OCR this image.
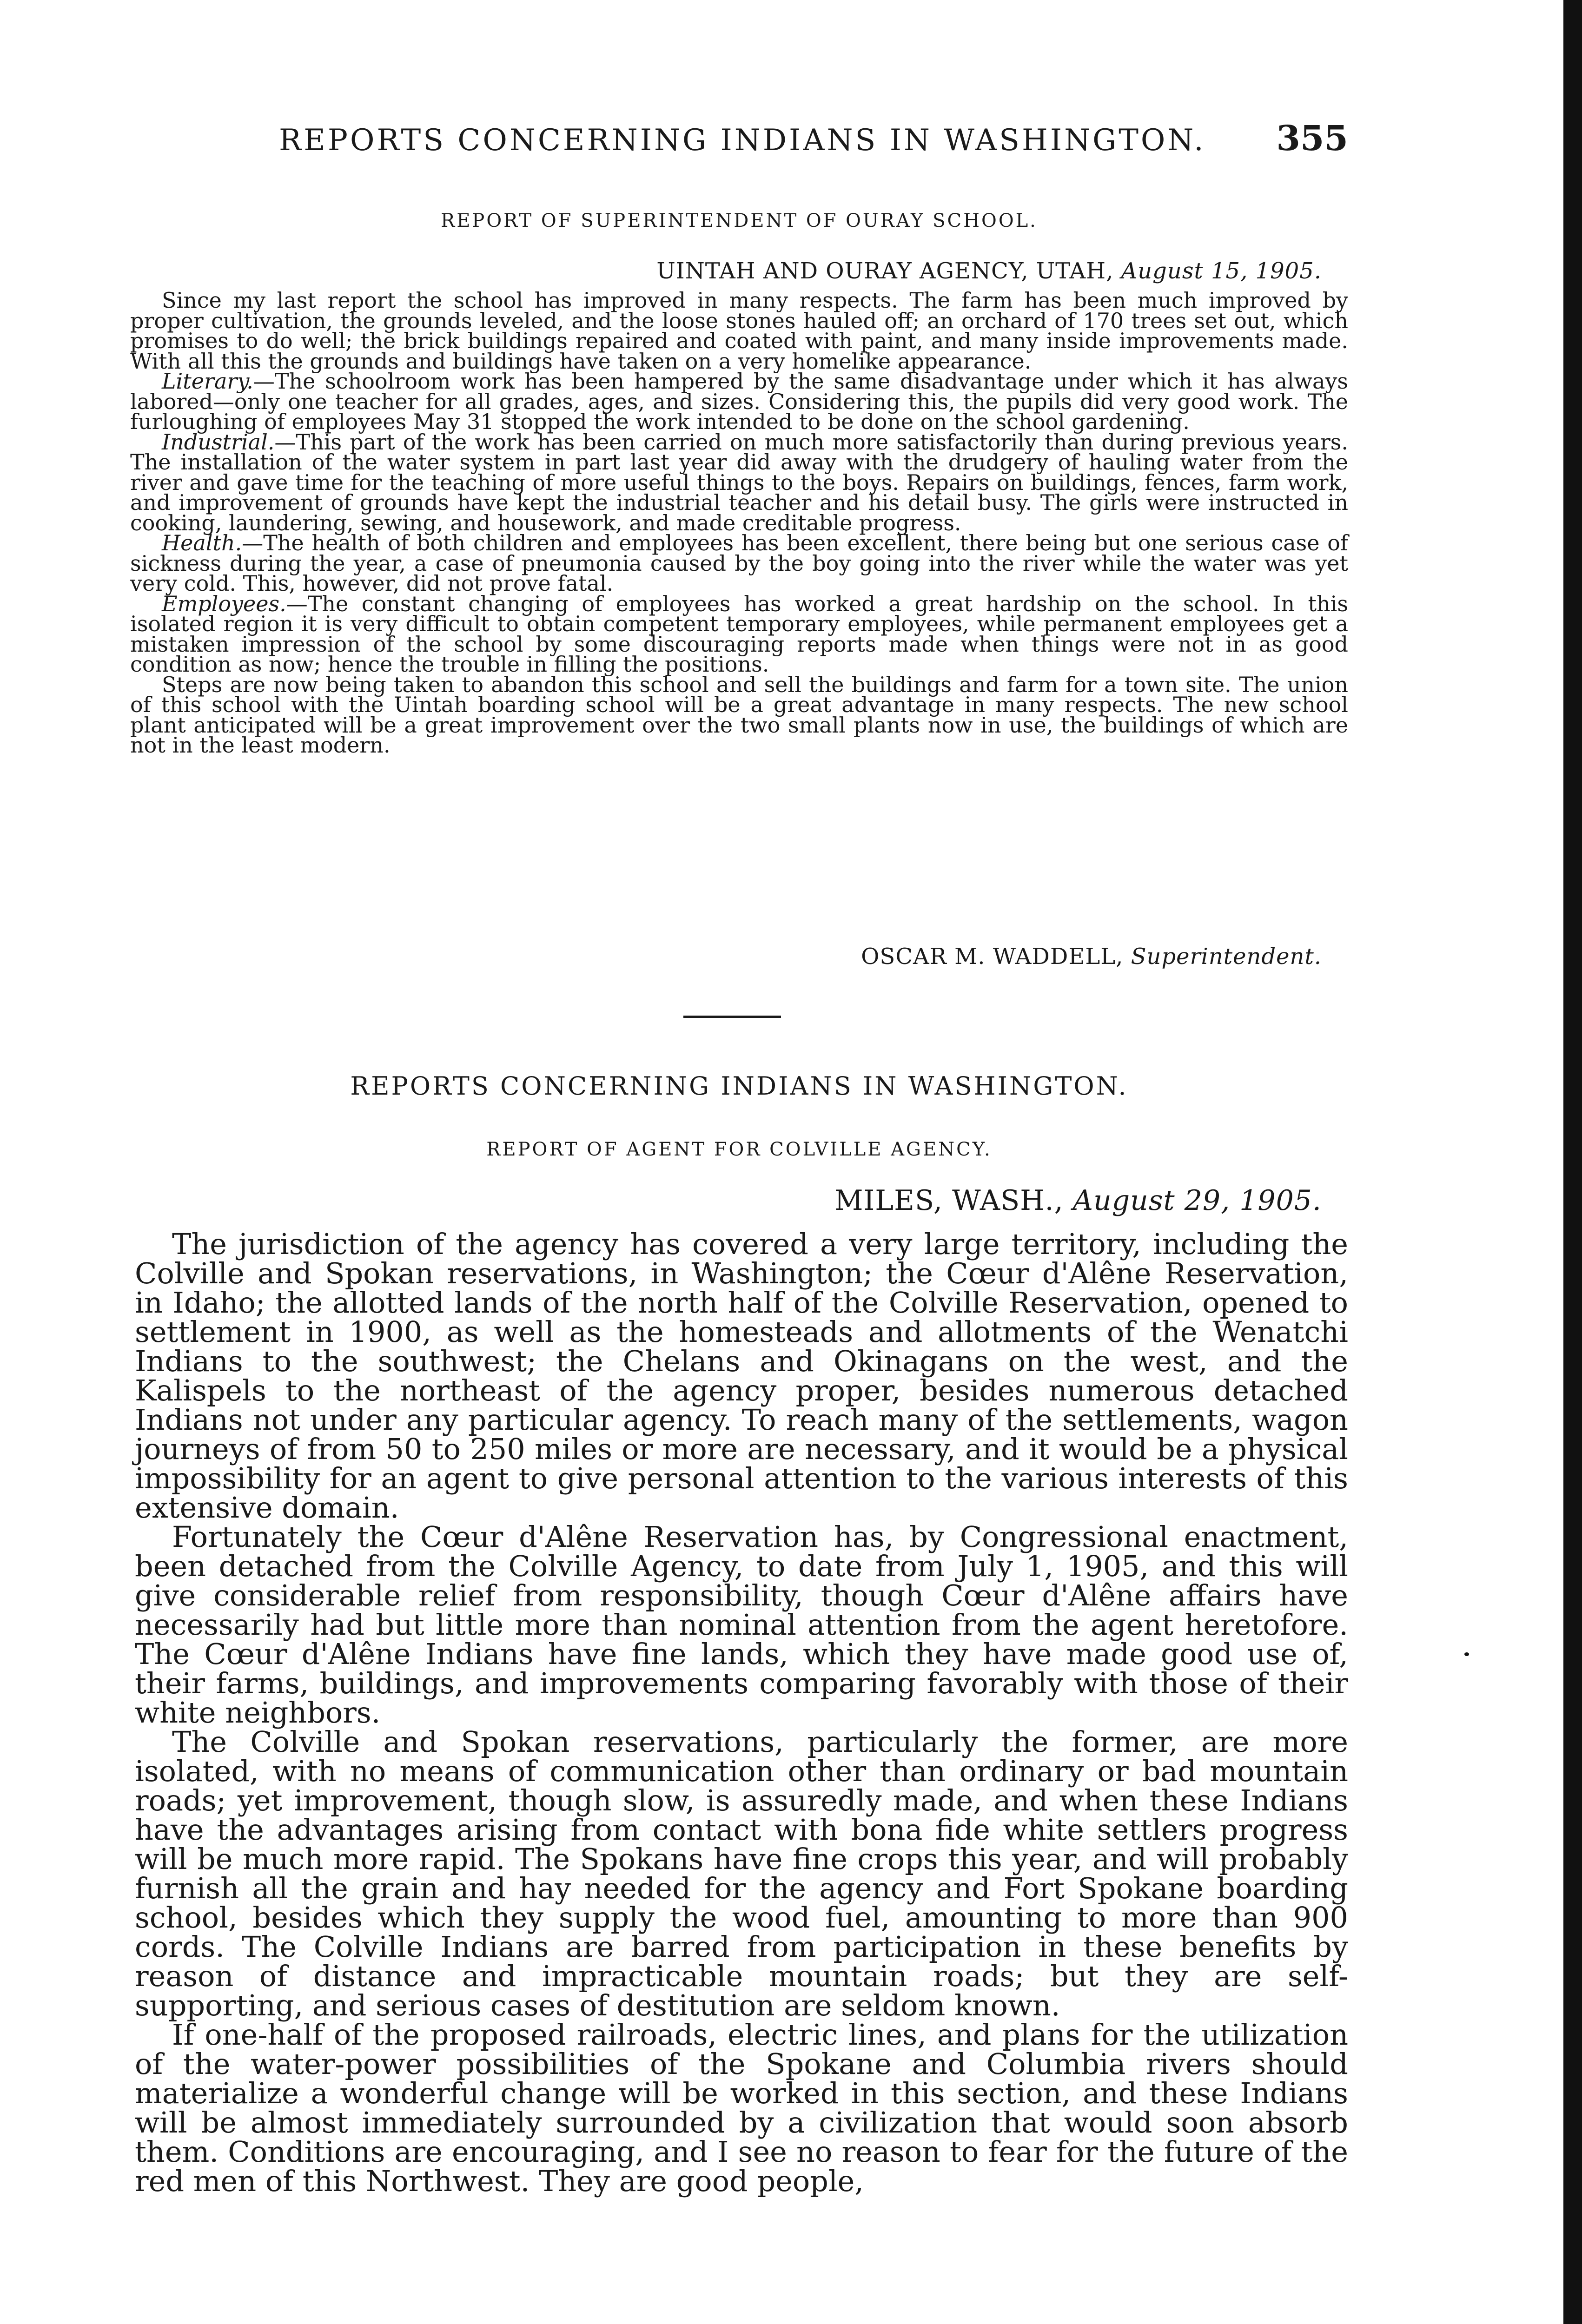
REPORTS CONCERNING INDIANS IN WASHINGTON. 355
REPORT OF SUPERINTENDENT OF OURAY SCHOOL.
UINTAH AND OURAY AGENCY, UTAH, August 15, 1905.

Since my last report the school has improved in many respects. The farm has been much improved by proper cultivation, the grounds leveled, and the loose stones hauled off; an orchard of 170 trees set out, which promises to do well; the brick buildings repaired and coated with paint, and many inside improvements made. With all this the grounds and buildings have taken on a very homelike appearance.

Literary.—The schoolroom work has been hampered by the same disadvantage under which it has always labored—only one teacher for all grades, ages, and sizes. Considering this, the pupils did very good work. The furloughing of employees May 31 stopped the work intended to be done on the school gardening.

Industrial.—This part of the work has been carried on much more satisfactorily than during previous years. The installation of the water system in part last year did away with the drudgery of hauling water from the river and gave time for the teaching of more useful things to the boys. Repairs on buildings, fences, farm work, and improvement of grounds have kept the industrial teacher and his detail busy. The girls were instructed in cooking, laundering, sewing, and housework, and made creditable progress.

Health.—The health of both children and employees has been excellent, there being but one serious case of sickness during the year, a case of pneumonia caused by the boy going into the river while the water was yet very cold. This, however, did not prove fatal.

Employees.—The constant changing of employees has worked a great hardship on the school. In this isolated region it is very difficult to obtain competent temporary employees, while permanent employees get a mistaken impression of the school by some discouraging reports made when things were not in as good condition as now; hence the trouble in filling the positions.

Steps are now being taken to abandon this school and sell the buildings and farm for a town site. The union of this school with the Uintah boarding school will be a great advantage in many respects. The new school plant anticipated will be a great improvement over the two small plants now in use, the buildings of which are not in the least modern.

OSCAR M. WADDELL, Superintendent.
REPORTS CONCERNING INDIANS IN WASHINGTON.
REPORT OF AGENT FOR COLVILLE AGENCY.
MILES, WASH., August 29, 1905.

The jurisdiction of the agency has covered a very large territory, including the Colville and Spokan reservations, in Washington; the Cœur d'Alêne Reservation, in Idaho; the allotted lands of the north half of the Colville Reservation, opened to settlement in 1900, as well as the homesteads and allotments of the Wenatchi Indians to the southwest; the Chelans and Okinagans on the west, and the Kalispels to the northeast of the agency proper, besides numerous detached Indians not under any particular agency. To reach many of the settlements, wagon journeys of from 50 to 250 miles or more are necessary, and it would be a physical impossibility for an agent to give personal attention to the various interests of this extensive domain.

Fortunately the Cœur d'Alêne Reservation has, by Congressional enactment, been detached from the Colville Agency, to date from July 1, 1905, and this will give considerable relief from responsibility, though Cœur d'Alêne affairs have necessarily had but little more than nominal attention from the agent heretofore. The Cœur d'Alêne Indians have fine lands, which they have made good use of, their farms, buildings, and improvements comparing favorably with those of their white neighbors.

The Colville and Spokan reservations, particularly the former, are more isolated, with no means of communication other than ordinary or bad mountain roads; yet improvement, though slow, is assuredly made, and when these Indians have the advantages arising from contact with bona fide white settlers progress will be much more rapid. The Spokans have fine crops this year, and will probably furnish all the grain and hay needed for the agency and Fort Spokane boarding school, besides which they supply the wood fuel, amounting to more than 900 cords. The Colville Indians are barred from participation in these benefits by reason of distance and impracticable mountain roads; but they are self-supporting, and serious cases of destitution are seldom known.

If one-half of the proposed railroads, electric lines, and plans for the utilization of the water-power possibilities of the Spokane and Columbia rivers should materialize a wonderful change will be worked in this section, and these Indians will be almost immediately surrounded by a civilization that would soon absorb them. Conditions are encouraging, and I see no reason to fear for the future of the red men of this Northwest. They are good people,
